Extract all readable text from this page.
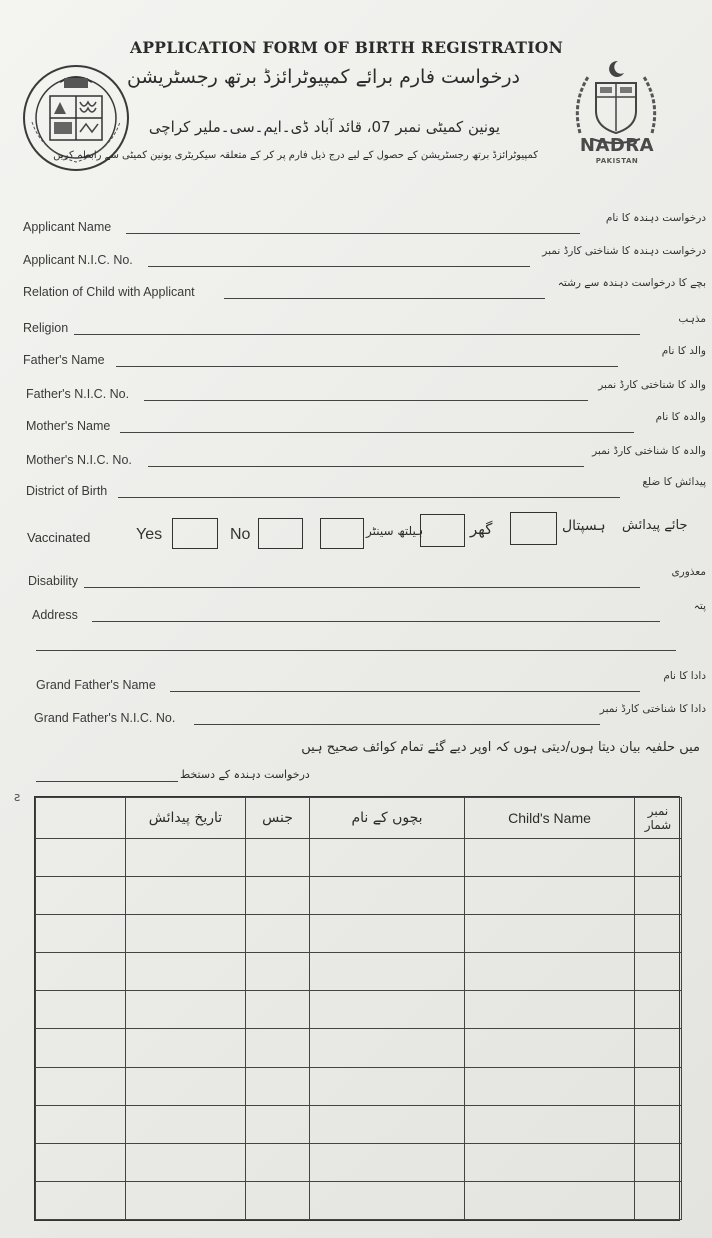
APPLICATION FORM OF BIRTH REGISTRATION
درخواست فارم برائے کمپیوٹرائزڈ برتھ رجسٹریشن
یونین کمیٹی نمبر 07، قائد آباد ڈی۔ایم۔سی۔ملیر کراچی
کمپیوٹرائزڈ برتھ رجسٹریشن کے حصول کے لیے درج ذیل فارم پر کر کے متعلقہ سیکریٹری یونین کمیٹی سے رابطہ کریں	NADRA
PAKISTAN
Applicant Name
درخواست دہندہ کا نام
Applicant N.I.C. No.
درخواست دہندہ کا شناختی کارڈ نمبر
Relation of Child with Applicant
بچے کا درخواست دہندہ سے رشتہ
Religion
مذہب
Father's Name
والد کا نام
Father's N.I.C. No.
والد کا شناختی کارڈ نمبر
Mother's Name
والدہ کا نام
Mother's N.I.C. No.
والدہ کا شناختی کارڈ نمبر
District of Birth
پیدائش کا ضلع
Vaccinated	Yes	No	ہیلتھ سینٹر	گھر	ہسپتال جائے پیدائش
Disability
معذوری
Address
پتہ
Grand Father's Name
دادا کا نام
Grand Father's N.I.C. No.
دادا کا شناختی کارڈ نمبر
میں حلفیہ بیان دیتا ہوں/دیتی ہوں کہ اوپر دیے گئے تمام کوائف صحیح ہیں
درخواست دہندہ کے دستخط
ƨ
	تاریخ پیدائش	جنس	بچوں کے نام	Child's Name	نمبر شمار
